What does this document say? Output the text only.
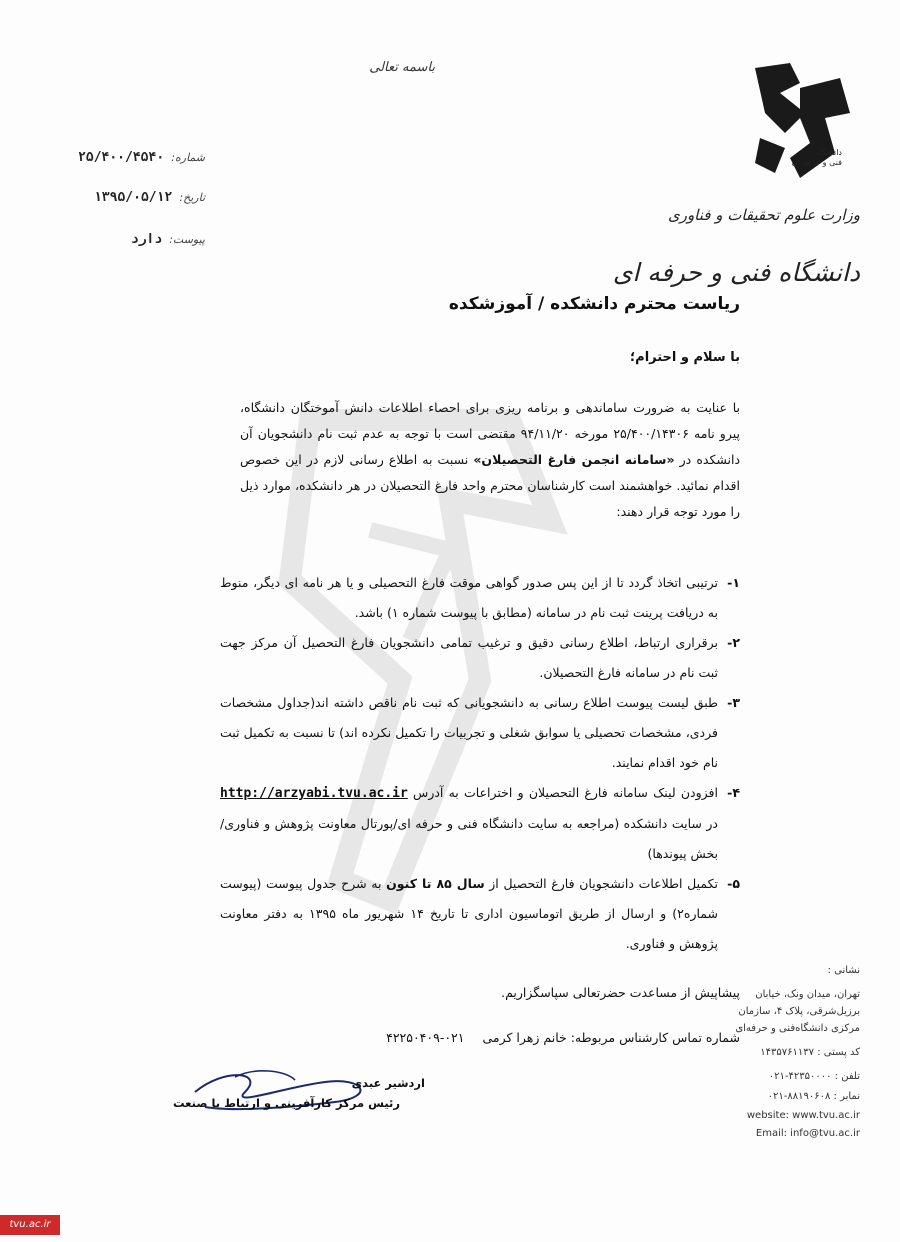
باسمه تعالی
شماره: ۲۵/۴۰۰/۴۵۴۰
تاریخ: ۱۳۹۵/۰۵/۱۲
پیوست: دارد
دانشگاه
فنی و حرفه ای
وزارت علوم تحقیقات و فناوری
دانشگاه فنی و حرفه ای
ریاست محترم دانشکده / آموزشکده
با سلام و احترام؛
با عنایت به ضرورت ساماندهی و برنامه ریزی برای احصاء اطلاعات دانش آموختگان دانشگاه، پیرو نامه ۲۵/۴۰۰/۱۴۳۰۶ مورخه ۹۴/۱۱/۲۰ مقتضی است با توجه به عدم ثبت نام دانشجویان آن دانشکده در «سامانه انجمن فارغ التحصیلان» نسبت به اطلاع رسانی لازم در این خصوص اقدام نمائید. خواهشمند است کارشناسان محترم واحد فارغ التحصیلان در هر دانشکده، موارد ذیل را مورد توجه قرار دهند:
۱-
ترتیبی اتخاذ گردد تا از این پس صدور گواهی موقت فارغ التحصیلی و یا هر نامه ای دیگر، منوط به دریافت پرینت ثبت نام در سامانه (مطابق با پیوست شماره ۱) باشد.
۲-
برقراری ارتباط، اطلاع رسانی دقیق و ترغیب تمامی دانشجویان فارغ التحصیل آن مرکز جهت ثبت نام در سامانه فارغ التحصیلان.
۳-
طبق لیست پیوست اطلاع رسانی به دانشجویانی که ثبت نام ناقص داشته اند(جداول مشخصات فردی، مشخصات تحصیلی یا سوابق شغلی و تجربیات را تکمیل نکرده اند) تا نسبت به تکمیل ثبت نام خود اقدام نمایند.
۴-
افزودن لینک سامانه فارغ التحصیلان و اختراعات به آدرس http://arzyabi.tvu.ac.ir در سایت دانشکده (مراجعه به سایت دانشگاه فنی و حرفه ای/پورتال معاونت پژوهش و فناوری/بخش پیوندها)
۵-
تکمیل اطلاعات دانشجویان فارغ التحصیل از سال ۸۵ تا کنون به شرح جدول پیوست (پیوست شماره۲) و ارسال از طریق اتوماسیون اداری تا تاریخ ۱۴ شهریور ماه ۱۳۹۵ به دفتر معاونت پژوهش و فناوری.
پیشاپیش از مساعدت حضرتعالی سپاسگزاریم.
شماره تماس کارشناس مربوطه: خانم زهرا کرمی ۰۲۱-۴۲۲۵۰۴۰۹
اردشیر عبدی
رئیس مرکز کارآفرینی و ارتباط با صنعت
نشانی :
تهران، میدان ونک، خیابان برزیل‌شرقی، پلاک ۴، سازمان مرکزی دانشگاه‌فنی و حرفه‌ای
کد پستی : ۱۴۳۵۷۶۱۱۳۷
تلفن : ۴۲۳۵۰۰۰۰-۰۲۱
نمابر : ۸۸۱۹۰۶۰۸-۰۲۱
website: www.tvu.ac.ir
Email: info@tvu.ac.ir
tvu.ac.ir
